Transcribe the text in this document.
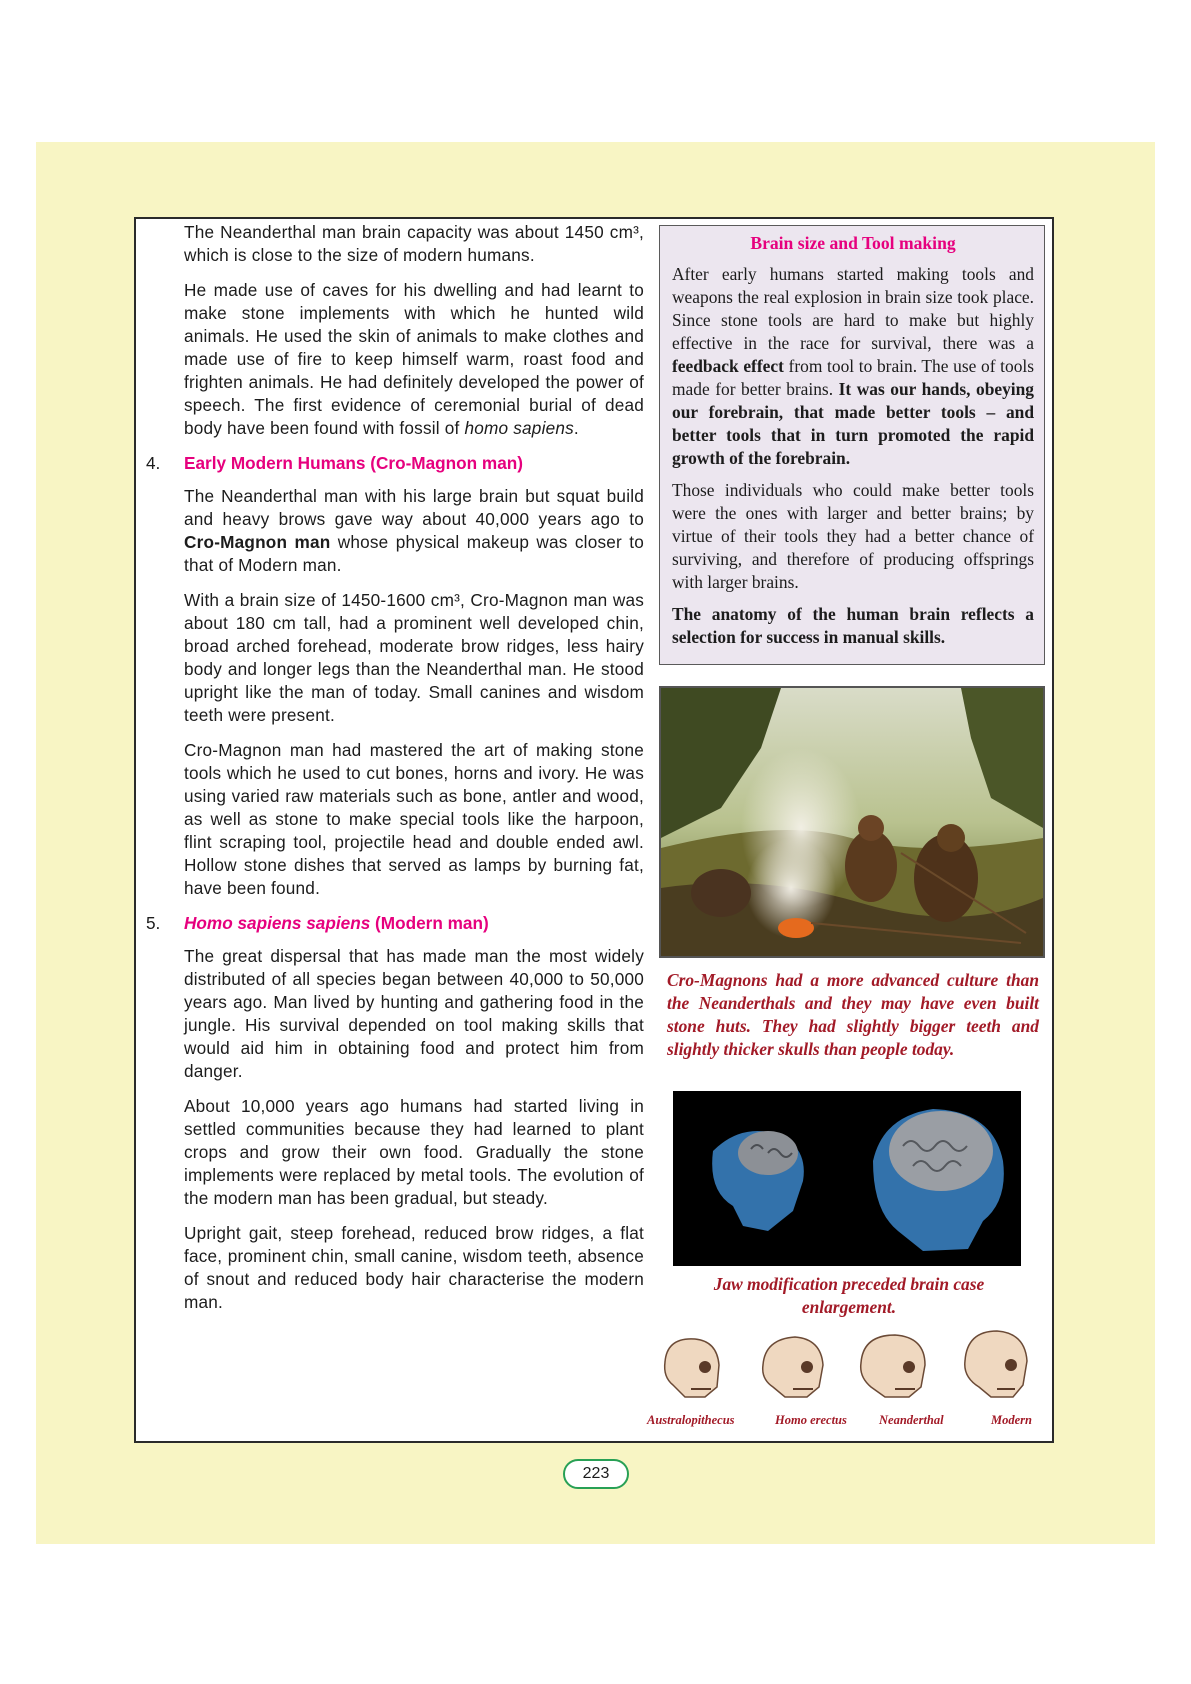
The Neanderthal man brain capacity was about 1450 cm³, which is close to the size of modern humans.

He made use of caves for his dwelling and had learnt to make stone implements with which he hunted wild animals. He used the skin of animals to make clothes and made use of fire to keep himself warm, roast food and frighten animals. He had definitely developed the power of speech. The first evidence of ceremonial burial of dead body have been found with fossil of homo sapiens.

4. Early Modern Humans (Cro-Magnon man)

The Neanderthal man with his large brain but squat build and heavy brows gave way about 40,000 years ago to Cro-Magnon man whose physical makeup was closer to that of Modern man.

With a brain size of 1450-1600 cm³, Cro-Magnon man was about 180 cm tall, had a prominent well developed chin, broad arched forehead, moderate brow ridges, less hairy body and longer legs than the Neanderthal man. He stood upright like the man of today. Small canines and wisdom teeth were present.

Cro-Magnon man had mastered the art of making stone tools which he used to cut bones, horns and ivory. He was using varied raw materials such as bone, antler and wood, as well as stone to make special tools like the harpoon, flint scraping tool, projectile head and double ended awl. Hollow stone dishes that served as lamps by burning fat, have been found.

5. Homo sapiens sapiens (Modern man)

The great dispersal that has made man the most widely distributed of all species began between 40,000 to 50,000 years ago. Man lived by hunting and gathering food in the jungle. His survival depended on tool making skills that would aid him in obtaining food and protect him from danger.

About 10,000 years ago humans had started living in settled communities because they had learned to plant crops and grow their own food. Gradually the stone implements were replaced by metal tools. The evolution of the modern man has been gradual, but steady.

Upright gait, steep forehead, reduced brow ridges, a flat face, prominent chin, small canine, wisdom teeth, absence of snout and reduced body hair characterise the modern man.

Brain size and Tool making

After early humans started making tools and weapons the real explosion in brain size took place. Since stone tools are hard to make but highly effective in the race for survival, there was a feedback effect from tool to brain. The use of tools made for better brains. It was our hands, obeying our forebrain, that made better tools – and better tools that in turn promoted the rapid growth of the forebrain.

Those individuals who could make better tools were the ones with larger and better brains; by virtue of their tools they had a better chance of surviving, and therefore of producing offsprings with larger brains.

The anatomy of the human brain reflects a selection for success in manual skills.

Cro-Magnons had a more advanced culture than the Neanderthals and they may have even built stone huts. They had slightly bigger teeth and slightly thicker skulls than people today.
Jaw modification preceded brain case enlargement.
Australopithecus	Homo erectus	Neanderthal	Modern
223
